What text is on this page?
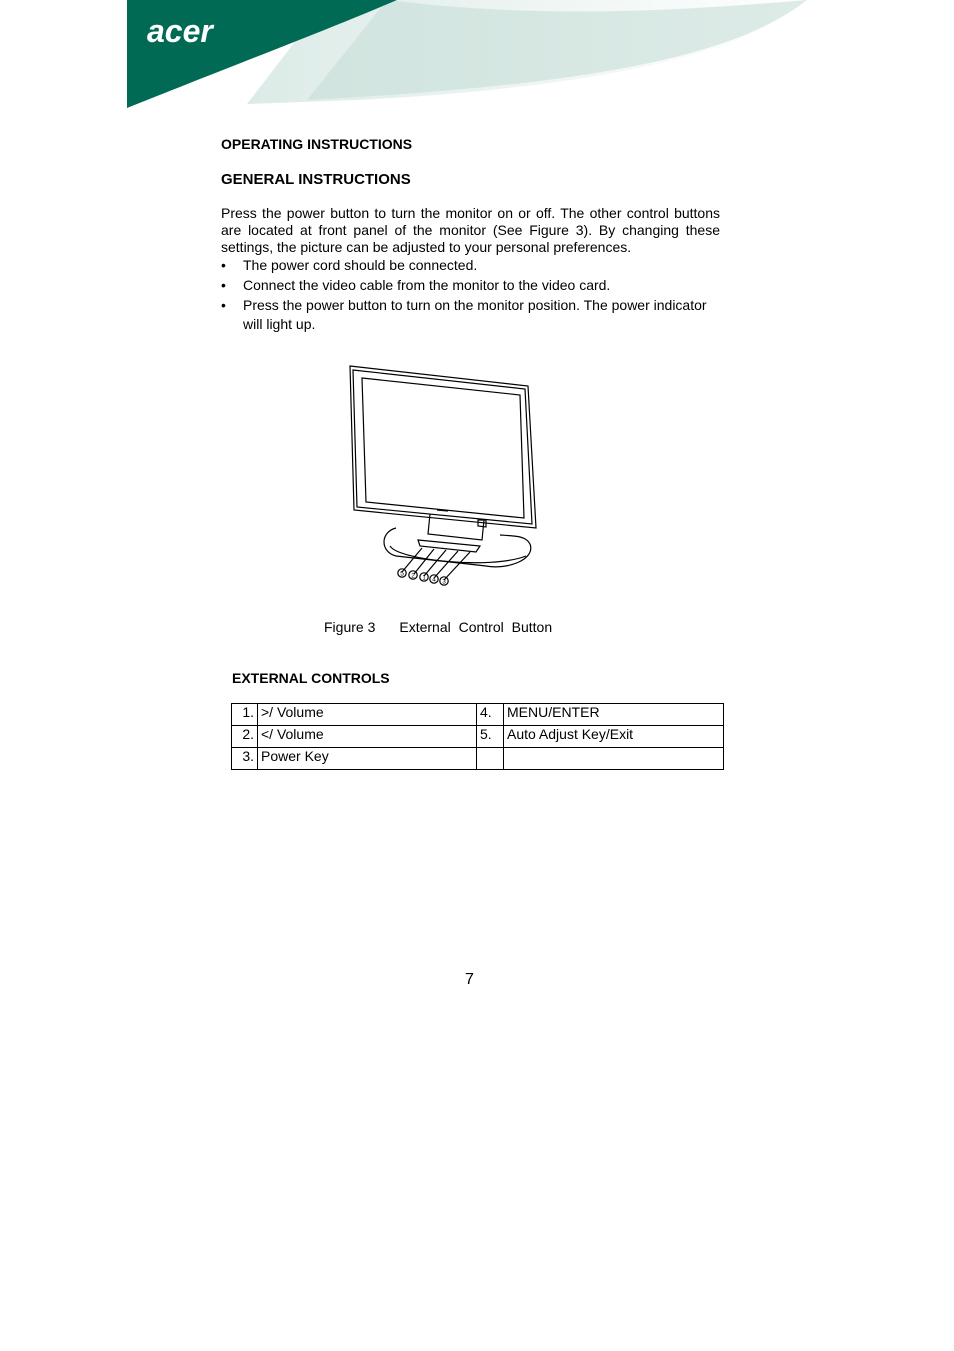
acer
OPERATING INSTRUCTIONS
GENERAL INSTRUCTIONS

Press the power button to turn the monitor on or off. The other control buttons are located at front panel of the monitor (See Figure 3). By changing these settings, the picture can be adjusted to your personal preferences.

• The power cord should be connected.
• Connect the video cable from the monitor to the video card.
• Press the power button to turn on the monitor position. The power indicator will light up.
5 2 1 4 3
Figure 3 External Control Button
EXTERNAL CONTROLS
1.	>/ Volume	4.	MENU/ENTER
2.	</ Volume	5.	Auto Adjust Key/Exit
3.	Power Key		
7
